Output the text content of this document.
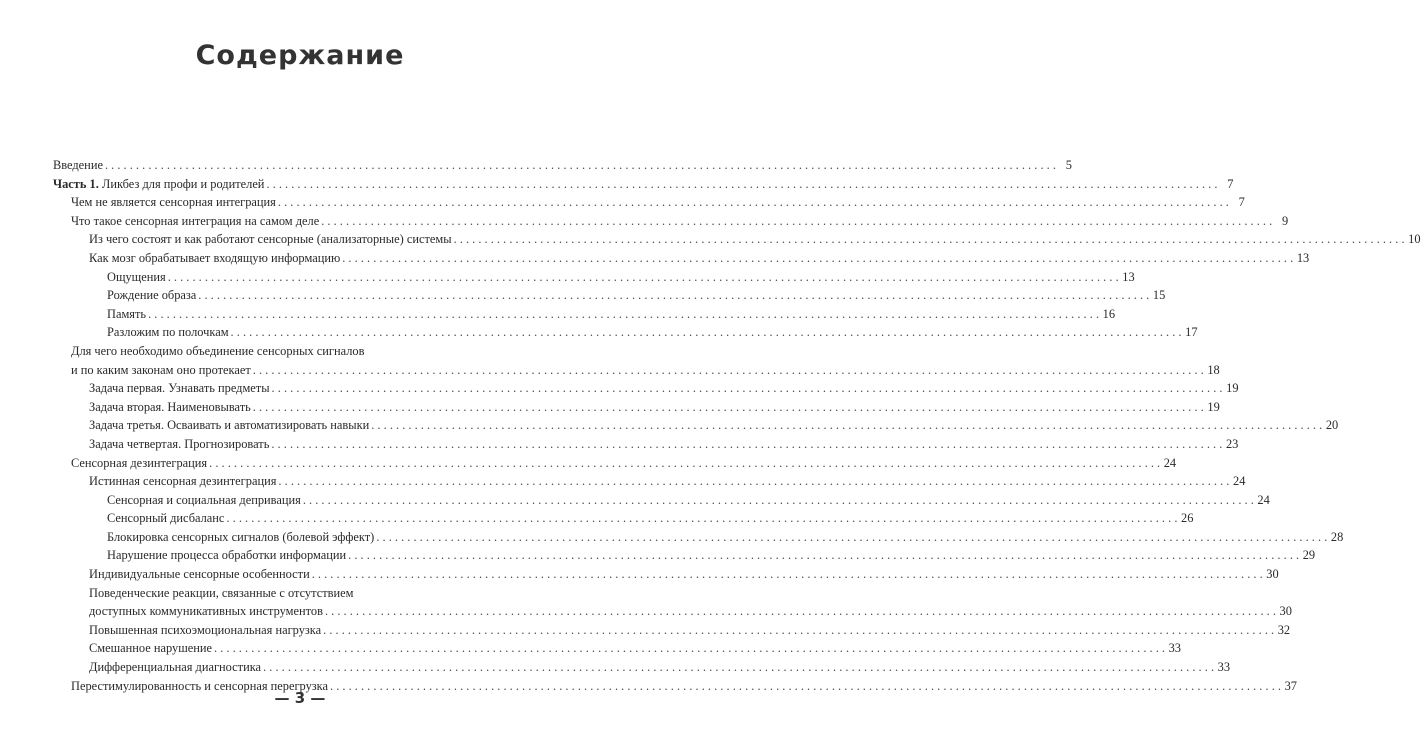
Содержание
Введение . . .	5
Часть 1. Ликбез для профи и родителей . . .	7
Чем не является сенсорная интеграция . . .	7
Что такое сенсорная интеграция на самом деле . . .	9
Из чего состоят и как работают сенсорные (анализаторные) системы . . .	10
Как мозг обрабатывает входящую информацию . . .	13
Ощущения . . .	13
Рождение образа . . .	15
Память . . .	16
Разложим по полочкам . . .	17
Для чего необходимо объединение сенсорных сигналов
и по каким законам оно протекает . . .	18
Задача первая. Узнавать предметы . . .	19
Задача вторая. Наименовывать . . .	19
Задача третья. Осваивать и автоматизировать навыки . . .	20
Задача четвертая. Прогнозировать . . .	23
Сенсорная дезинтеграция . . .	24
Истинная сенсорная дезинтеграция . . .	24
Сенсорная и социальная депривация . . .	24
Сенсорный дисбаланс . . .	26
Блокировка сенсорных сигналов (болевой эффект) . . .	28
Нарушение процесса обработки информации . . .	29
Индивидуальные сенсорные особенности . . .	30
Поведенческие реакции, связанные с отсутствием
доступных коммуникативных инструментов . . .	30
Повышенная психоэмоциональная нагрузка . . .	32
Смешанное нарушение . . .	33
Дифференциальная диагностика . . .	33
Перестимулированность и сенсорная перегрузка . . .	37
— 3 —
